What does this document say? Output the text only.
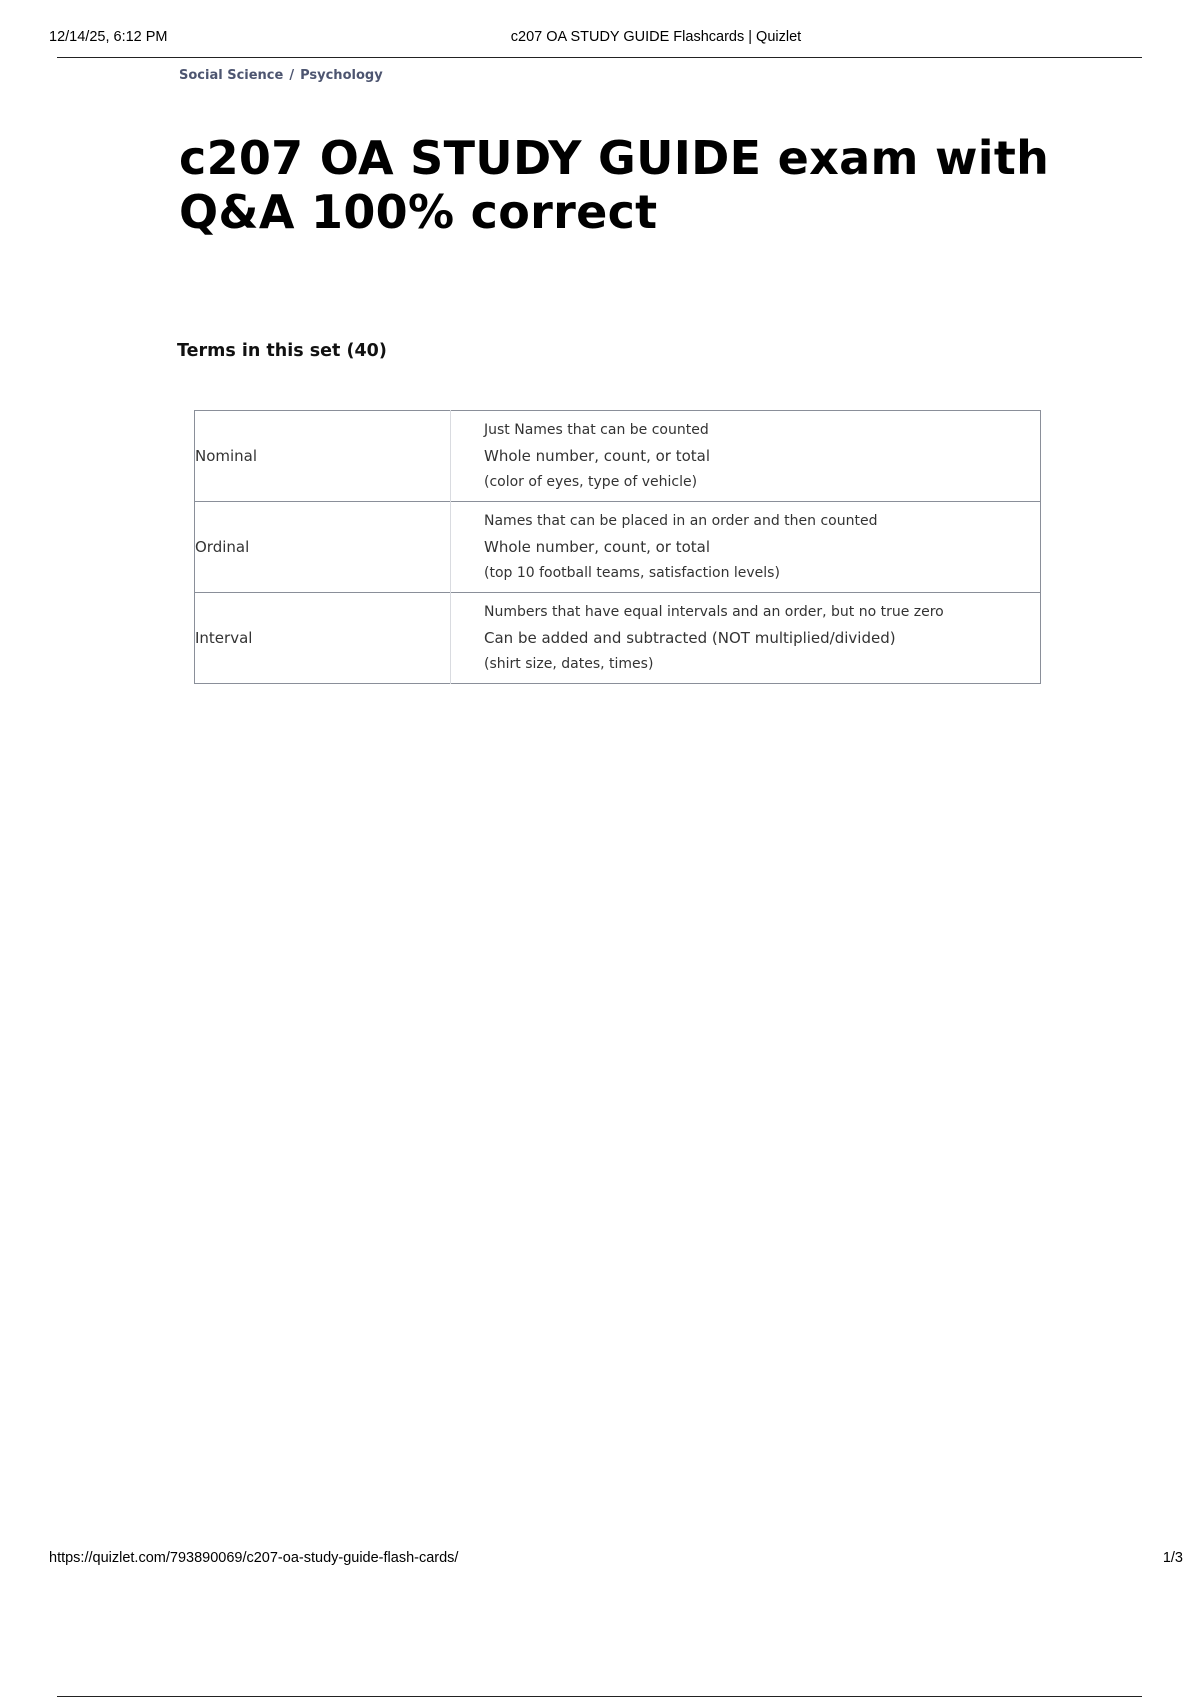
12/14/25, 6:12 PM	c207 OA STUDY GUIDE Flashcards | Quizlet
Social Science / Psychology
c207 OA STUDY GUIDE exam with Q&A 100% correct
Terms in this set (40)
Nominal	Just Names that can be counted
Whole number, count, or total
(color of eyes, type of vehicle)

Ordinal	Names that can be placed in an order and then counted
Whole number, count, or total
(top 10 football teams, satisfaction levels)

Interval	Numbers that have equal intervals and an order, but no true zero
Can be added and subtracted (NOT multiplied/divided)
(shirt size, dates, times)
https://quizlet.com/793890069/c207-oa-study-guide-flash-cards/	1/3
